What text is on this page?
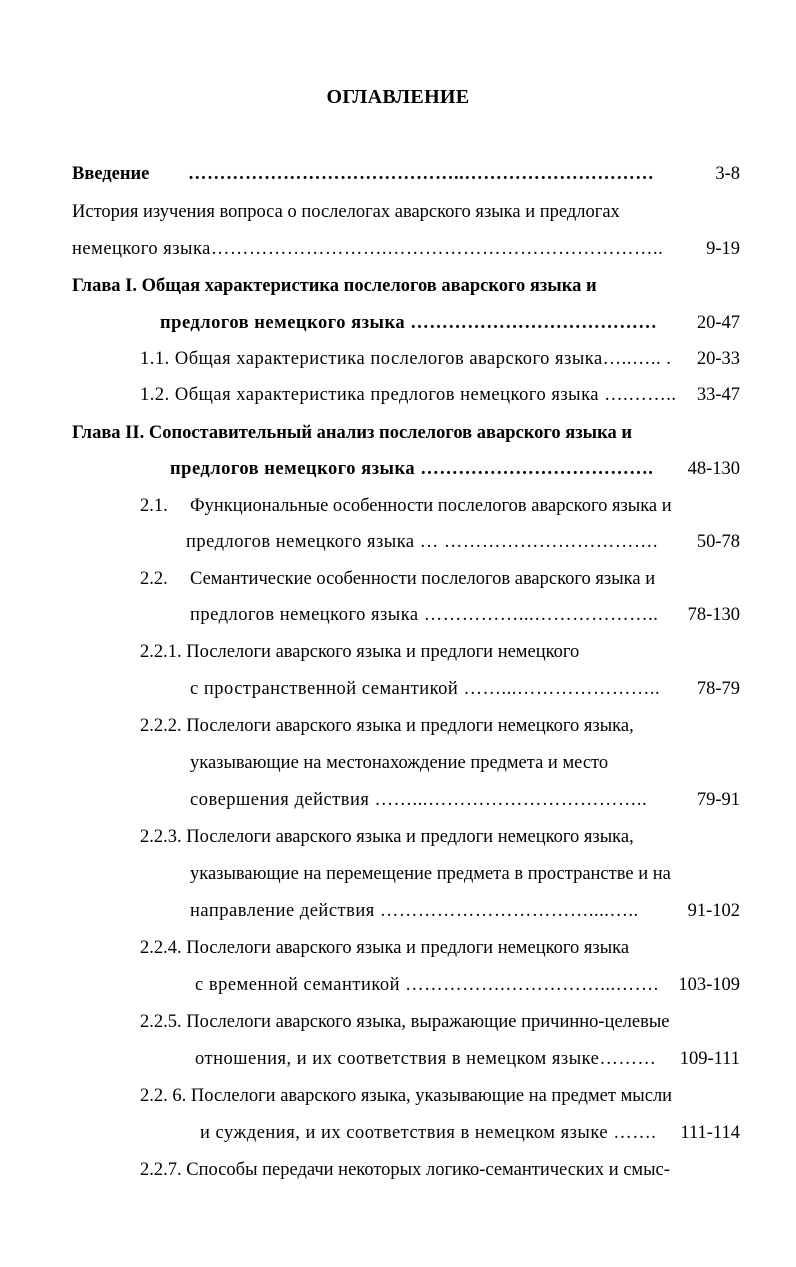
ОГЛАВЛЕНИЕ
Введение ……………………………………..…………………………	3-8
История изучения вопроса о послелогах аварского языка и предлогах
немецкого языка……………………….……………………………………..	9-19
Глава I. Общая характеристика послелогов аварского языка и
предлогов немецкого языка …………………………………	20-47
1.1. Общая характеристика послелогов аварского языка…..….. .	20-33
1.2. Общая характеристика предлогов немецкого языка ….……..	33-47
Глава II. Сопоставительный анализ послелогов аварского языка и
предлогов немецкого языка ……………………………….	48-130
2.1. Функциональные особенности послелогов аварского языка и
предлогов немецкого языка … …………………………….	50-78
2.2. Семантические особенности послелогов аварского языка и
предлогов немецкого языка ……………...………………..	78-130
2.2.1. Послелоги аварского языка и предлоги немецкого
с пространственной семантикой ……...…………………..	78-79
2.2.2. Послелоги аварского языка и предлоги немецкого языка,
указывающие на местонахождение предмета и место
совершения действия ……...……………………………..	79-91
2.2.3. Послелоги аварского языка и предлоги немецкого языка,
указывающие на перемещение предмета в пространстве и на
направление действия ……………………………....…..	91-102
2.2.4. Послелоги аварского языка и предлоги немецкого языка
с временной семантикой …………….……………...…….	103-109
2.2.5. Послелоги аварского языка, выражающие причинно-целевые
отношения, и их соответствия в немецком языке………	109-111
2.2. 6. Послелоги аварского языка, указывающие на предмет мысли
и суждения, и их соответствия в немецком языке …….	111-114
2.2.7. Способы передачи некоторых логико-семантических и смыс-
